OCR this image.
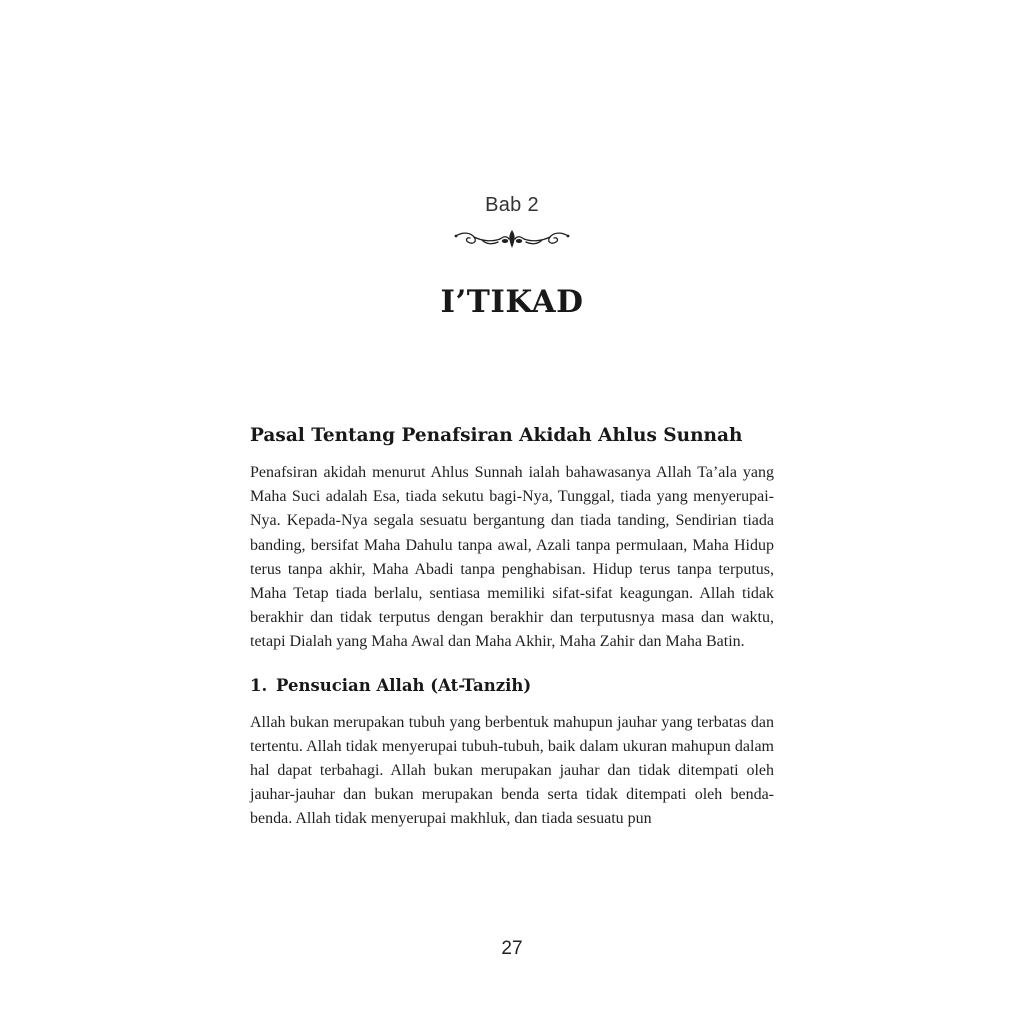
Bab 2
I’TIKAD
Pasal Tentang Penafsiran Akidah Ahlus Sunnah

Penafsiran akidah menurut Ahlus Sunnah ialah bahawasanya Allah Ta’ala yang Maha Suci adalah Esa, tiada sekutu bagi-Nya, Tunggal, tiada yang menyerupai-Nya. Kepada-Nya segala sesuatu bergantung dan tiada tanding, Sendirian tiada banding, bersifat Maha Dahulu tanpa awal, Azali tanpa permulaan, Maha Hidup terus tanpa akhir, Maha Abadi tanpa penghabisan. Hidup terus tanpa terputus, Maha Tetap tiada berlalu, sentiasa memiliki sifat-sifat keagungan. Allah tidak berakhir dan tidak terputus dengan berakhir dan terputusnya masa dan waktu, tetapi Dialah yang Maha Awal dan Maha Akhir, Maha Zahir dan Maha Batin.

1. Pensucian Allah (At-Tanzih)

Allah bukan merupakan tubuh yang berbentuk mahupun jauhar yang terbatas dan tertentu. Allah tidak menyerupai tubuh-tubuh, baik dalam ukuran mahupun dalam hal dapat terbahagi. Allah bukan merupakan jauhar dan tidak ditempati oleh jauhar-jauhar dan bukan merupakan benda serta tidak ditempati oleh benda-benda. Allah tidak menyerupai makhluk, dan tiada sesuatu pun

27
